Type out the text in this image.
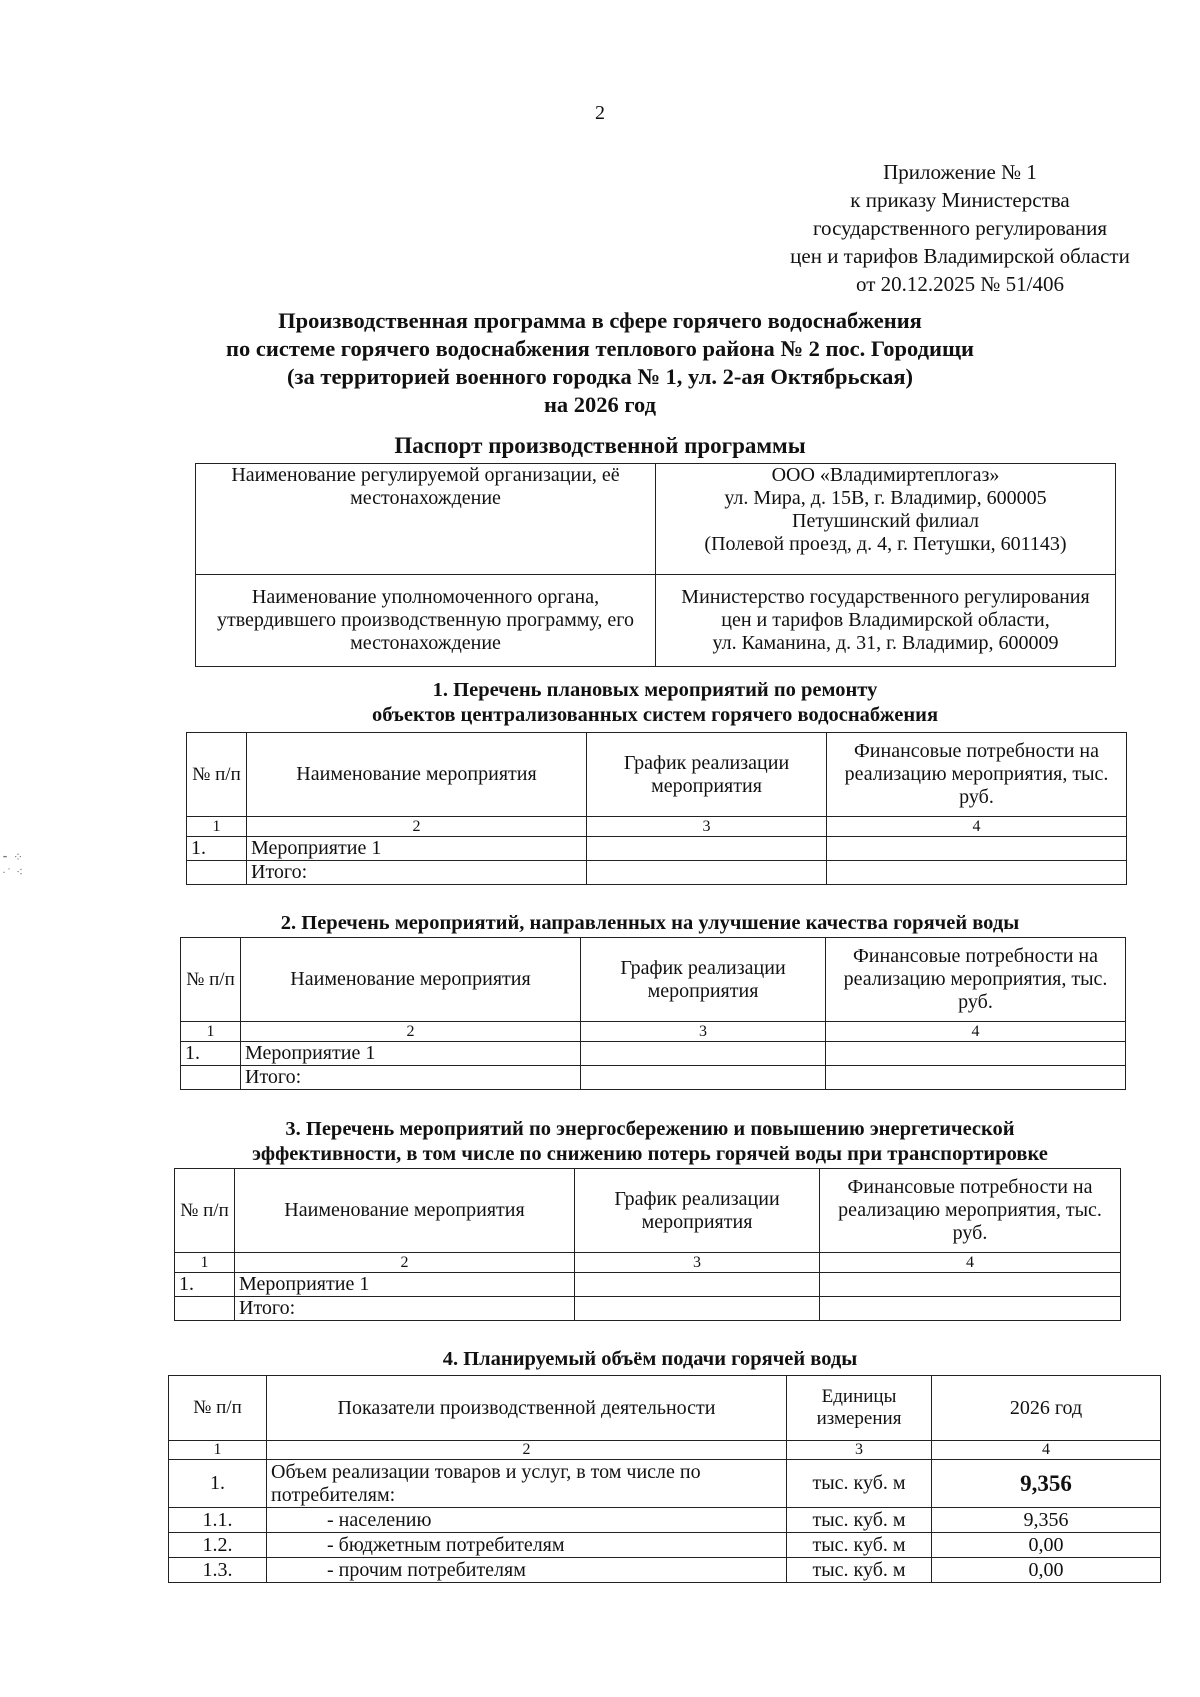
⁃ ⁘
·˙ ⁖
2
Приложение № 1
к приказу Министерства
государственного регулирования
цен и тарифов Владимирской области
от 20.12.2025 № 51/406
Производственная программа в сфере горячего водоснабжения
по системе горячего водоснабжения теплового района № 2 пос. Городищи
(за территорией военного городка № 1, ул. 2-ая Октябрьская)
на 2026 год
Паспорт производственной программы
Наименование регулируемой организации, её местонахождение	ООО «Владимиртеплогаз»
ул. Мира, д. 15В, г. Владимир, 600005
Петушинский филиал
(Полевой проезд, д. 4, г. Петушки, 601143)

Наименование уполномоченного органа, утвердившего производственную программу, его местонахождение	Министерство государственного регулирования
цен и тарифов Владимирской области,
ул. Каманина, д. 31, г. Владимир, 600009
1. Перечень плановых мероприятий по ремонту
объектов централизованных систем горячего водоснабжения
№ п/п	Наименование мероприятия	График реализации мероприятия	Финансовые потребности на реализацию мероприятия, тыс. руб.
1	2	3	4
1.	Мероприятие 1		
	Итого:		
2. Перечень мероприятий, направленных на улучшение качества горячей воды
№ п/п	Наименование мероприятия	График реализации мероприятия	Финансовые потребности на реализацию мероприятия, тыс. руб.
1	2	3	4
1.	Мероприятие 1		
	Итого:		
3. Перечень мероприятий по энергосбережению и повышению энергетической
эффективности, в том числе по снижению потерь горячей воды при транспортировке
№ п/п	Наименование мероприятия	График реализации мероприятия	Финансовые потребности на реализацию мероприятия, тыс. руб.
1	2	3	4
1.	Мероприятие 1		
	Итого:		
4. Планируемый объём подачи горячей воды
№ п/п	Показатели производственной деятельности	Единицы измерения	2026 год
1	2	3	4
1.	Объем реализации товаров и услуг, в том числе по потребителям:	тыс. куб. м	9,356
1.1.	- населению	тыс. куб. м	9,356
1.2.	- бюджетным потребителям	тыс. куб. м	0,00
1.3.	- прочим потребителям	тыс. куб. м	0,00
